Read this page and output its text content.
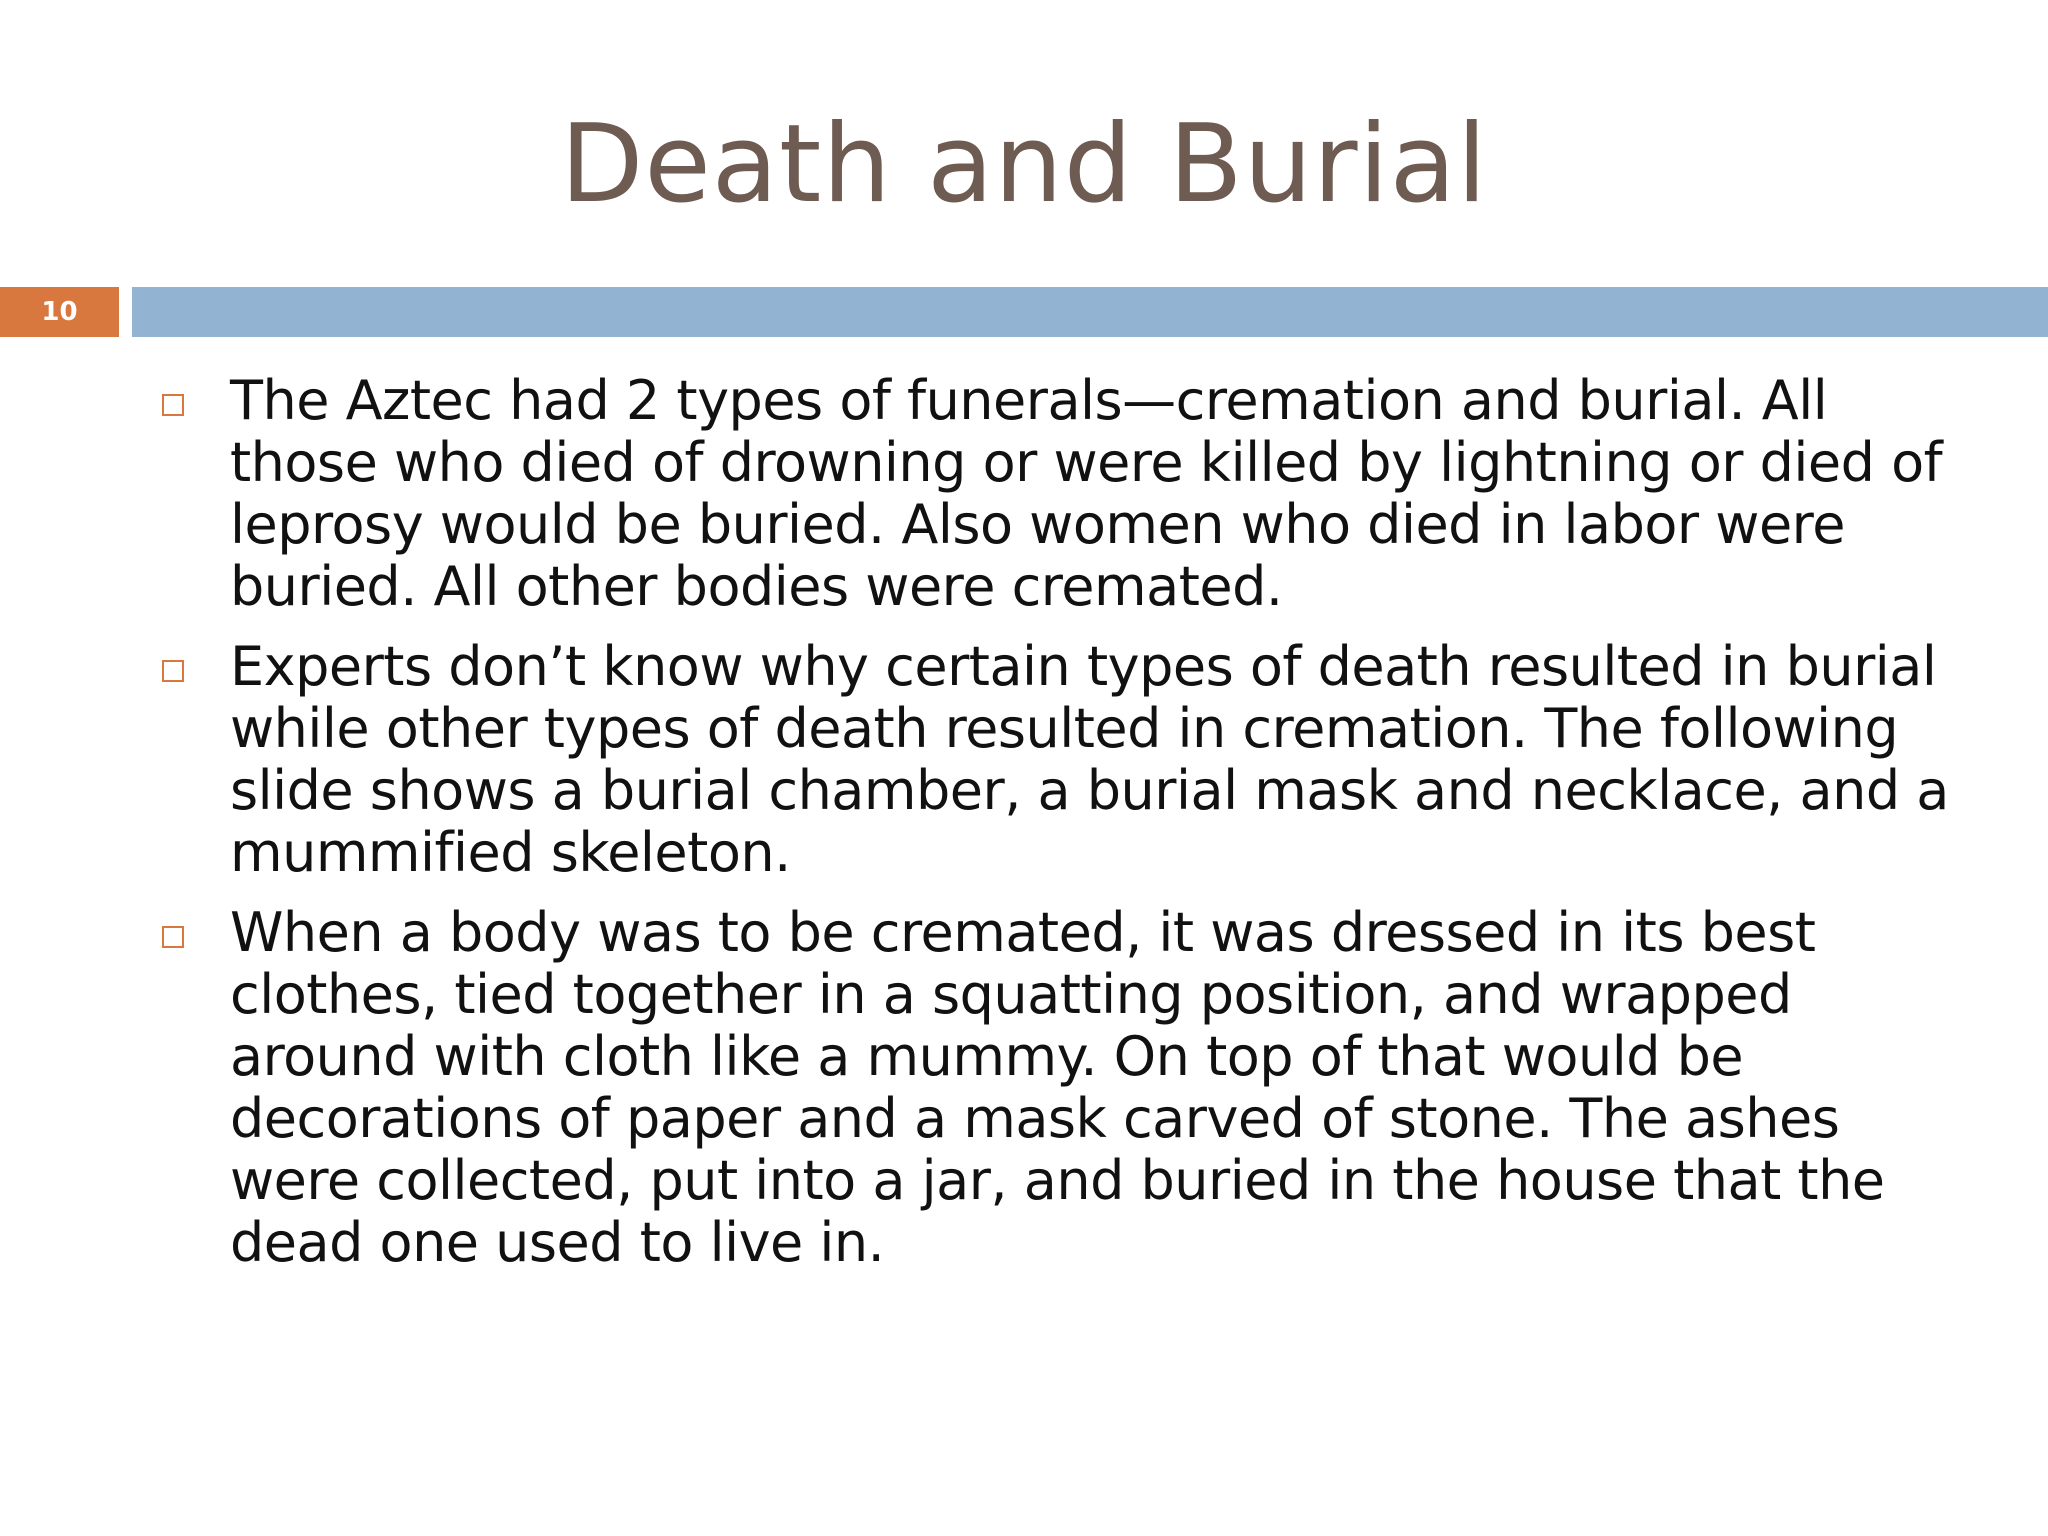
Death and Burial
10
The Aztec had 2 types of funerals—cremation and burial. All those who died of drowning or were killed by lightning or died of leprosy would be buried. Also women who died in labor were buried. All other bodies were cremated.
Experts don’t know why certain types of death resulted in burial while other types of death resulted in cremation. The following slide shows a burial chamber, a burial mask and necklace, and a mummified skeleton.
When a body was to be cremated, it was dressed in its best clothes, tied together in a squatting position, and wrapped around with cloth like a mummy. On top of that would be decorations of paper and a mask carved of stone. The ashes were collected, put into a jar, and buried in the house that the dead one used to live in.
